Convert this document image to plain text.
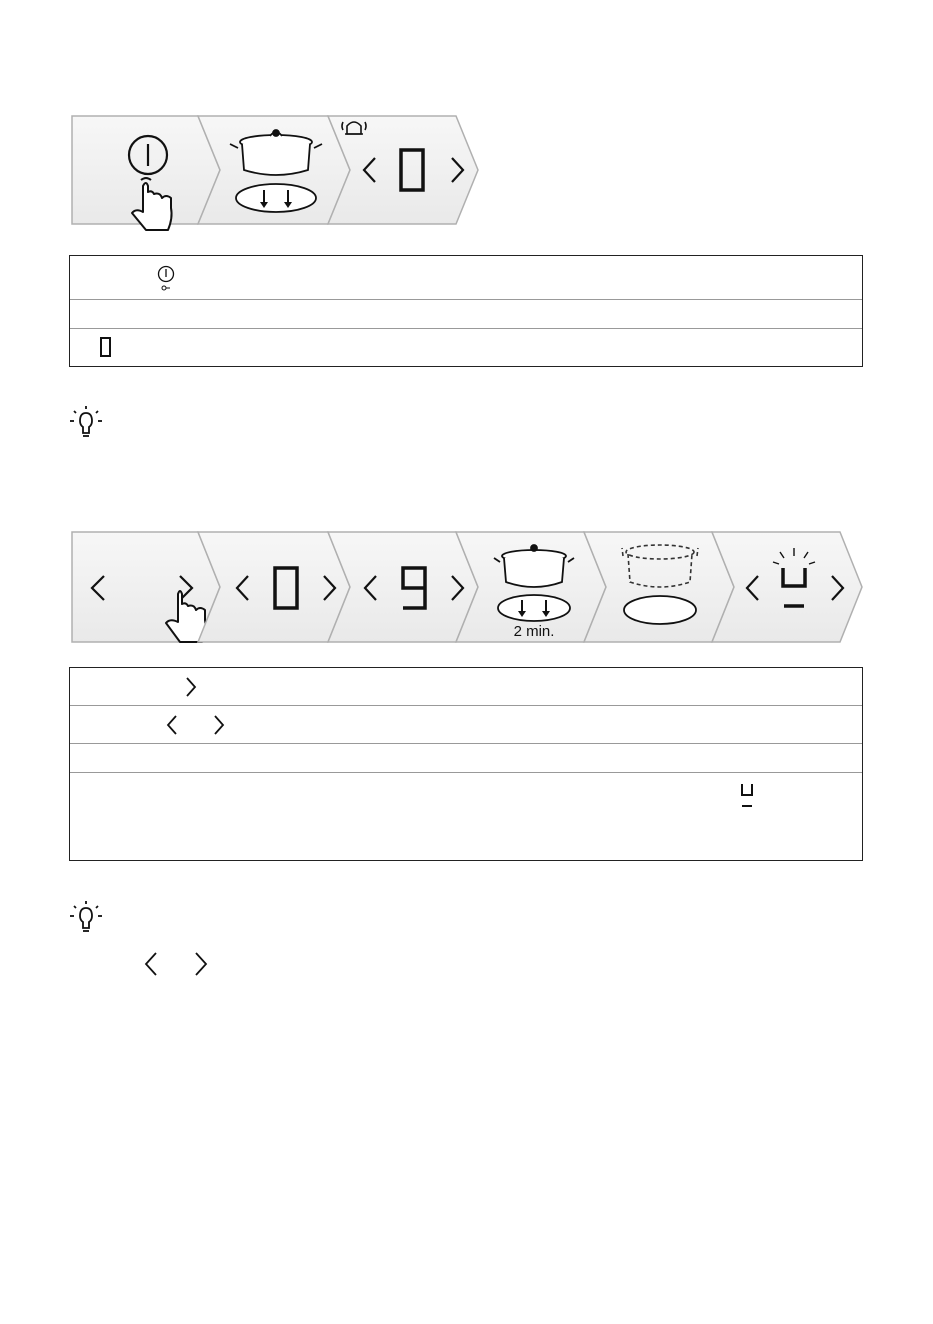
2 min.
